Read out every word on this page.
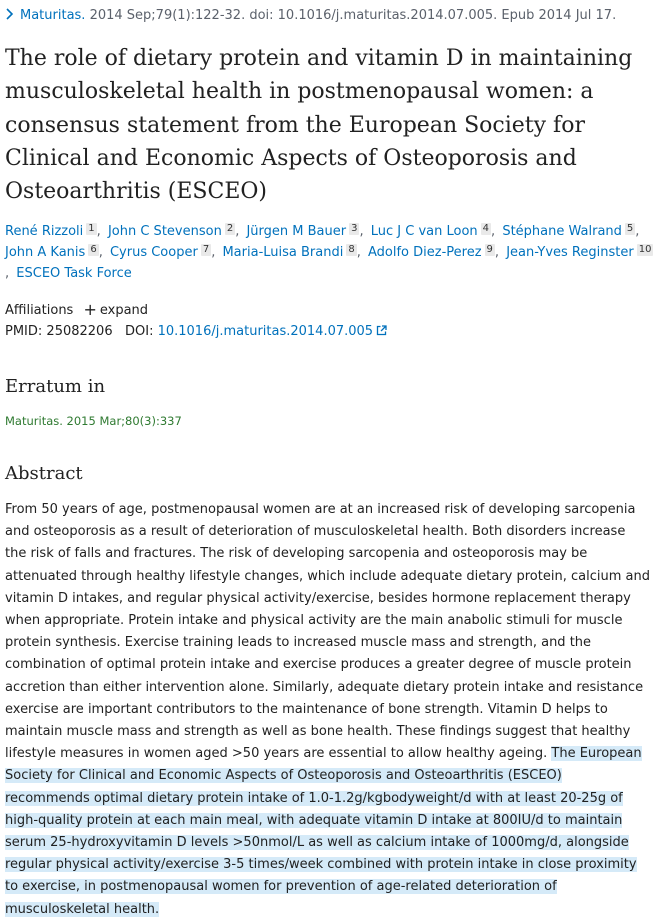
Maturitas. 2014 Sep;79(1):122-32. doi: 10.1016/j.maturitas.2014.07.005. Epub 2014 Jul 17.
The role of dietary protein and vitamin D in maintaining musculoskeletal health in postmenopausal women: a consensus statement from the European Society for Clinical and Economic Aspects of Osteoporosis and Osteoarthritis (ESCEO)
René Rizzoli 1 , John C Stevenson 2 , Jürgen M Bauer 3 , Luc J C van Loon 4 , Stéphane Walrand 5 , John A Kanis 6 , Cyrus Cooper 7 , Maria-Luisa Brandi 8 , Adolfo Diez-Perez 9 , Jean-Yves Reginster 10, ESCEO Task Force
Affiliations + expand
PMID: 25082206 DOI: 10.1016/j.maturitas.2014.07.005
Erratum in
Maturitas. 2015 Mar;80(3):337
Abstract

From 50 years of age, postmenopausal women are at an increased risk of developing sarcopenia and osteoporosis as a result of deterioration of musculoskeletal health. Both disorders increase the risk of falls and fractures. The risk of developing sarcopenia and osteoporosis may be attenuated through healthy lifestyle changes, which include adequate dietary protein, calcium and vitamin D intakes, and regular physical activity/exercise, besides hormone replacement therapy when appropriate. Protein intake and physical activity are the main anabolic stimuli for muscle protein synthesis. Exercise training leads to increased muscle mass and strength, and the combination of optimal protein intake and exercise produces a greater degree of muscle protein accretion than either intervention alone. Similarly, adequate dietary protein intake and resistance exercise are important contributors to the maintenance of bone strength. Vitamin D helps to maintain muscle mass and strength as well as bone health. These findings suggest that healthy lifestyle measures in women aged >50 years are essential to allow healthy ageing. The European Society for Clinical and Economic Aspects of Osteoporosis and Osteoarthritis (ESCEO) recommends optimal dietary protein intake of 1.0-1.2g/kgbodyweight/d with at least 20-25g of high-quality protein at each main meal, with adequate vitamin D intake at 800IU/d to maintain serum 25-hydroxyvitamin D levels >50nmol/L as well as calcium intake of 1000mg/d, alongside regular physical activity/exercise 3-5 times/week combined with protein intake in close proximity to exercise, in postmenopausal women for prevention of age-related deterioration of musculoskeletal health.
